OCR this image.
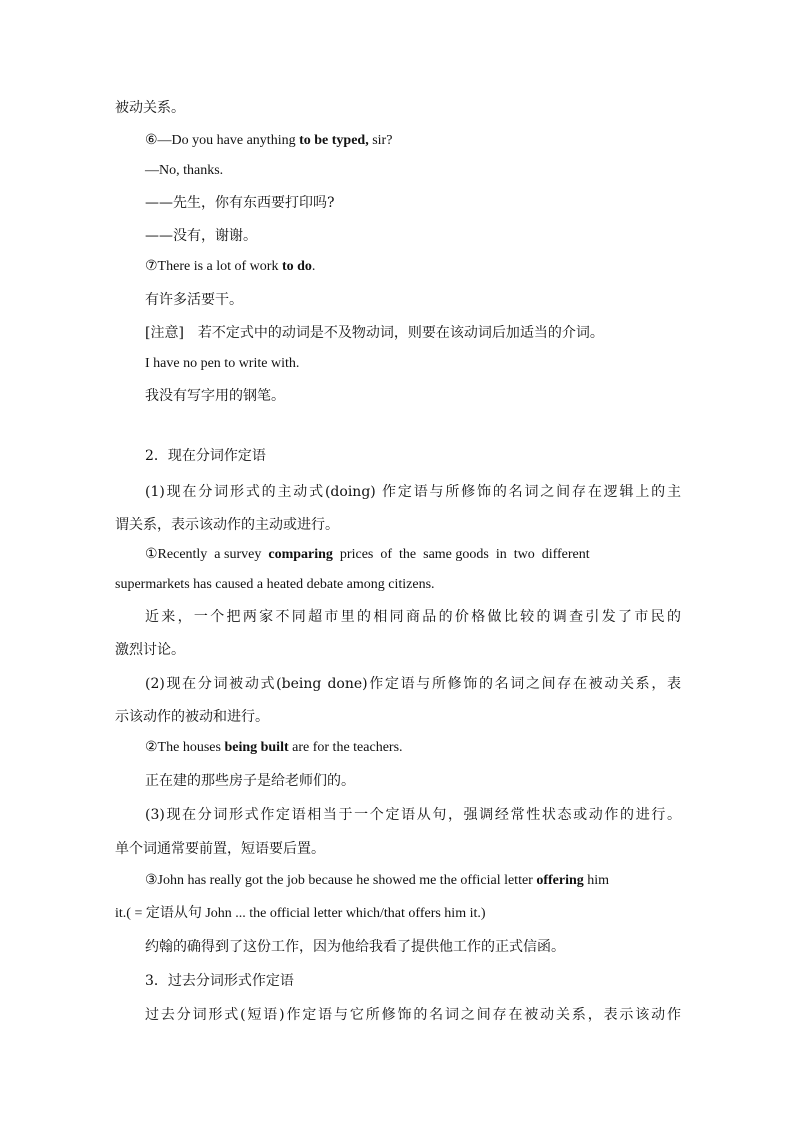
被动关系。
⑥—Do you have anything to be typed, sir?
—No, thanks.
——先生，你有东西要打印吗?
——没有，谢谢。
⑦There is a lot of work to do.
有许多活要干。
[注意]　若不定式中的动词是不及物动词，则要在该动词后加适当的介词。
I have no pen to write with.
我没有写字用的钢笔。
2．现在分词作定语
(1)现在分词形式的主动式(doing) 作定语与所修饰的名词之间存在逻辑上的主
谓关系，表示该动作的主动或进行。
①Recently  a survey  comparing  prices  of  the  same goods  in  two  different
supermarkets has caused a heated debate among citizens.
近来，一个把两家不同超市里的相同商品的价格做比较的调查引发了市民的
激烈讨论。
(2)现在分词被动式(being done)作定语与所修饰的名词之间存在被动关系，表
示该动作的被动和进行。
②The houses being built are for the teachers.
正在建的那些房子是给老师们的。
(3)现在分词形式作定语相当于一个定语从句，强调经常性状态或动作的进行。
单个词通常要前置，短语要后置。
③John has really got the job because he showed me the official letter offering him
it.( = 定语从句 John ... the official letter which/that offers him it.)
约翰的确得到了这份工作，因为他给我看了提供他工作的正式信函。
3．过去分词形式作定语
过去分词形式(短语)作定语与它所修饰的名词之间存在被动关系，表示该动作
